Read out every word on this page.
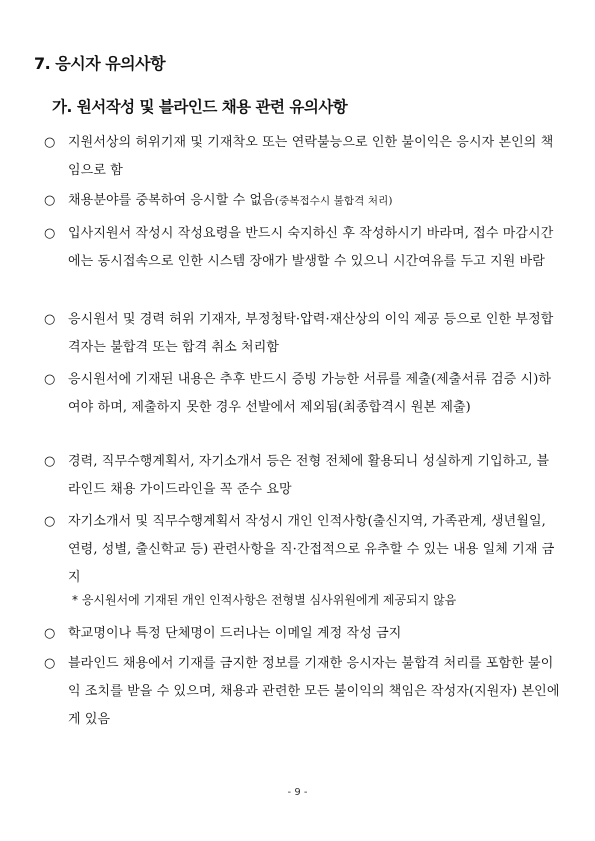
7. 응시자 유의사항
가. 원서작성 및 블라인드 채용 관련 유의사항
○ 지원서상의 허위기재 및 기재착오 또는 연락불능으로 인한 불이익은 응시자 본인의 책임으로 함
○ 채용분야를 중복하여 응시할 수 없음(중복접수시 불합격 처리)
○ 입사지원서 작성시 작성요령을 반드시 숙지하신 후 작성하시기 바라며, 접수 마감시간에는 동시접속으로 인한 시스템 장애가 발생할 수 있으니 시간여유를 두고 지원 바람
○ 응시원서 및 경력 허위 기재자, 부정청탁·압력·재산상의 이익 제공 등으로 인한 부정합격자는 불합격 또는 합격 취소 처리함
○ 응시원서에 기재된 내용은 추후 반드시 증빙 가능한 서류를 제출(제출서류 검증 시)하여야 하며, 제출하지 못한 경우 선발에서 제외됨(최종합격시 원본 제출)
○ 경력, 직무수행계획서, 자기소개서 등은 전형 전체에 활용되니 성실하게 기입하고, 블라인드 채용 가이드라인을 꼭 준수 요망
○ 자기소개서 및 직무수행계획서 작성시 개인 인적사항(출신지역, 가족관계, 생년월일, 연령, 성별, 출신학교 등) 관련사항을 직·간접적으로 유추할 수 있는 내용 일체 기재 금지
* 응시원서에 기재된 개인 인적사항은 전형별 심사위원에게 제공되지 않음
○ 학교명이나 특정 단체명이 드러나는 이메일 계정 작성 금지
○ 블라인드 채용에서 기재를 금지한 정보를 기재한 응시자는 불합격 처리를 포함한 불이익 조치를 받을 수 있으며, 채용과 관련한 모든 불이익의 책임은 작성자(지원자) 본인에게 있음
- 9 -
